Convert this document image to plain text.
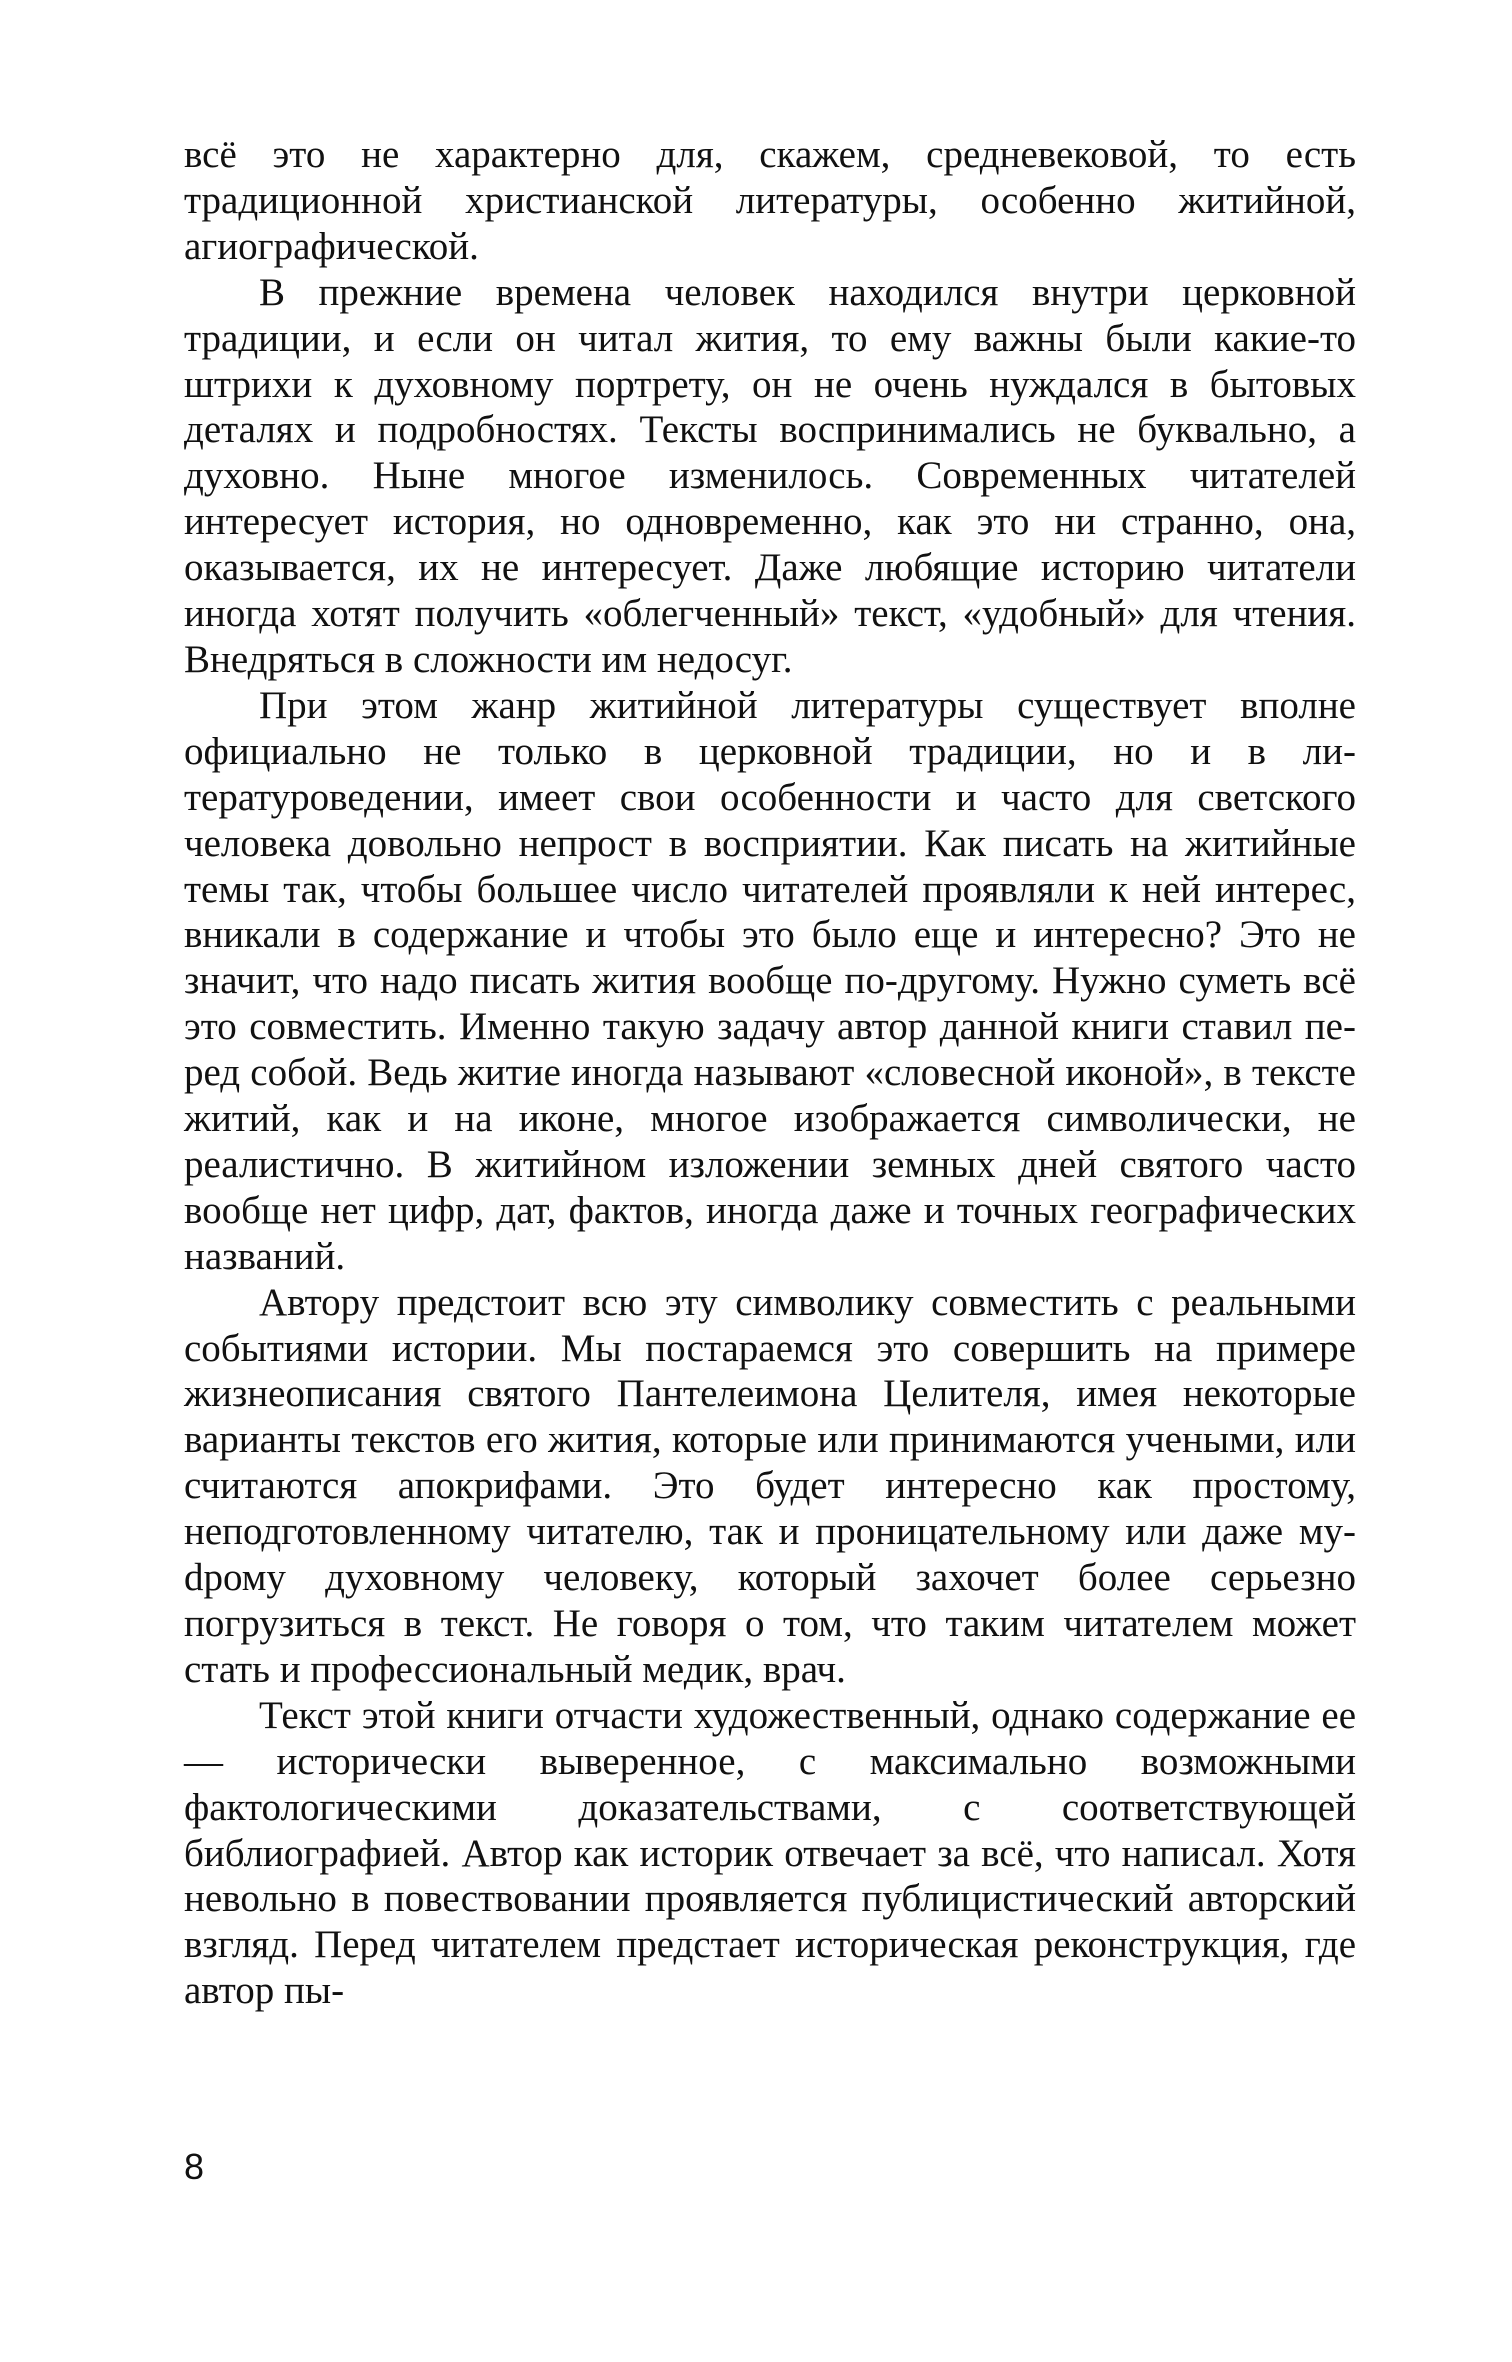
всё это не характерно для, скажем, средневековой, то есть традиционной христианской литературы, особенно житийной, агиографической.

В прежние времена человек находился внутри церковной традиции, и если он читал жития, то ему важны были какие-то штрихи к духовному портрету, он не очень нуждался в бытовых деталях и подробностях. Тексты воспринимались не буквально, а духовно. Ныне многое изменилось. Современных читателей интересует история, но одновременно, как это ни странно, она, оказывается, их не интересует. Даже любящие историю читатели иногда хотят получить «облегченный» текст, «удобный» для чтения. Внедряться в сложности им недосуг.

При этом жанр житийной литературы существует вполне официально не только в церковной традиции, но и в литературоведении, имеет свои особенности и часто для светского человека довольно непрост в восприятии. Как писать на житийные темы так, чтобы большее число читателей проявляли к ней интерес, вникали в содержание и чтобы это было еще и интересно? Это не значит, что надо писать жития вообще по-другому. Нужно суметь всё это совместить. Именно такую задачу автор данной книги ставил перед собой. Ведь житие иногда называют «словесной иконой», в тексте житий, как и на иконе, многое изображается символически, не реалистично. В житийном изложении земных дней святого часто вообще нет цифр, дат, фактов, иногда даже и точных географических названий.

Автору предстоит всю эту символику совместить с реальными событиями истории. Мы постараемся это совершить на примере жизнеописания святого Пантелеимона Целителя, имея некоторые варианты текстов его жития, которые или принимаются учеными, или считаются апокрифами. Это будет интересно как простому, неподготовленному читателю, так и проницательному или даже муdрому духовному человеку, который захочет более серьезно погрузиться в текст. Не говоря о том, что таким читателем может стать и профессиональный медик, врач.

Текст этой книги отчасти художественный, однако содержание ее — исторически выверенное, с максимально возможными фактологическими доказательствами, с соответствующей библиографией. Автор как историк отвечает за всё, что написал. Хотя невольно в повествовании проявляется публицистический авторский взгляд. Перед читателем предстает историческая реконструкция, где автор пы-

8
